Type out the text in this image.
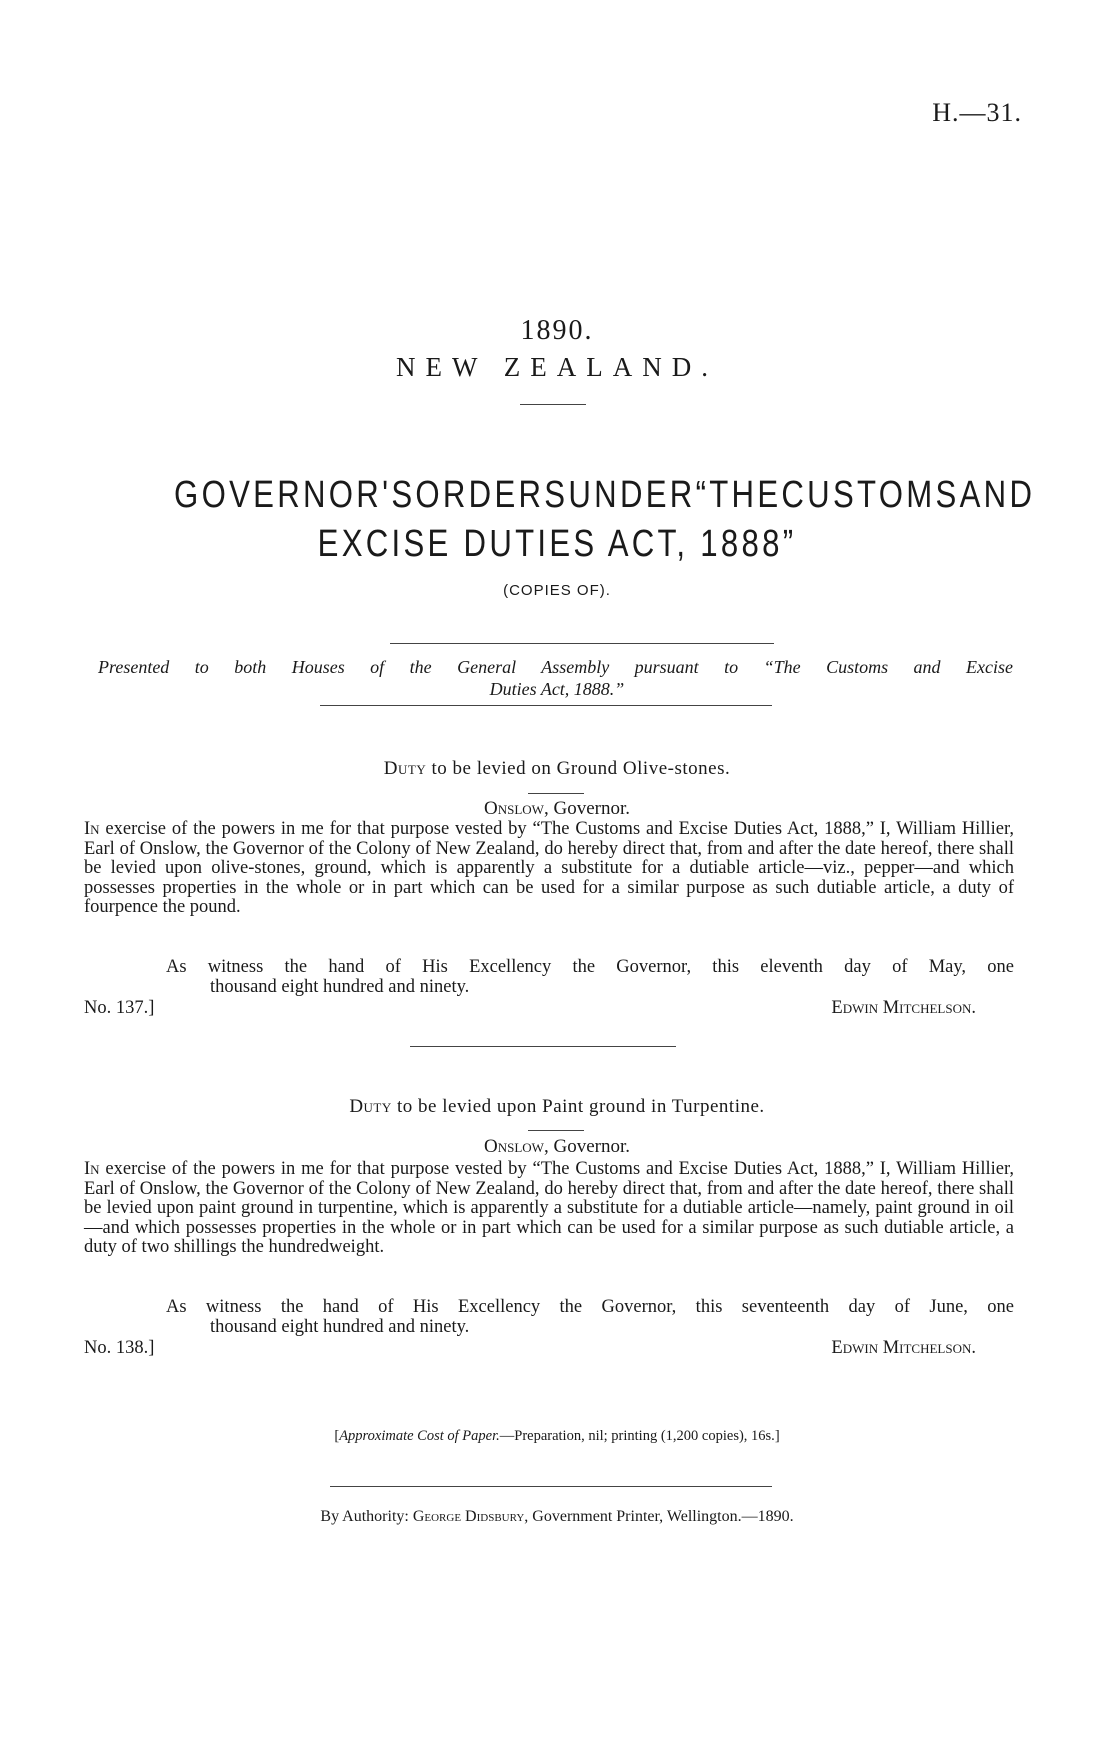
H.—31.
1890.
NEW ZEALAND.
GOVERNOR'S ORDERS UNDER “THE CUSTOMS AND
EXCISE DUTIES ACT, 1888”
(COPIES OF).
Presented to both Houses of the General Assembly pursuant to “The Customs and Excise
Duties Act, 1888.”
Duty to be levied on Ground Olive-stones.
Onslow, Governor.

In exercise of the powers in me for that purpose vested by “The Customs and Excise Duties Act, 1888,” I, William Hillier, Earl of Onslow, the Governor of the Colony of New Zealand, do hereby direct that, from and after the date hereof, there shall be levied upon olive-stones, ground, which is apparently a substitute for a dutiable article—viz., pepper—and which possesses properties in the whole or in part which can be used for a similar purpose as such dutiable article, a duty of fourpence the pound.

As witness the hand of His Excellency the Governor, this eleventh day of May, one
thousand eight hundred and ninety.
No. 137.]	Edwin Mitchelson.
Duty to be levied upon Paint ground in Turpentine.
Onslow, Governor.

In exercise of the powers in me for that purpose vested by “The Customs and Excise Duties Act, 1888,” I, William Hillier, Earl of Onslow, the Governor of the Colony of New Zealand, do hereby direct that, from and after the date hereof, there shall be levied upon paint ground in turpentine, which is apparently a substitute for a dutiable article—namely, paint ground in oil—and which possesses properties in the whole or in part which can be used for a similar purpose as such dutiable article, a duty of two shillings the hundredweight.

As witness the hand of His Excellency the Governor, this seventeenth day of June, one
thousand eight hundred and ninety.
No. 138.]	Edwin Mitchelson.
[Approximate Cost of Paper.—Preparation, nil; printing (1,200 copies), 16s.]
By Authority: George Didsbury, Government Printer, Wellington.—1890.
